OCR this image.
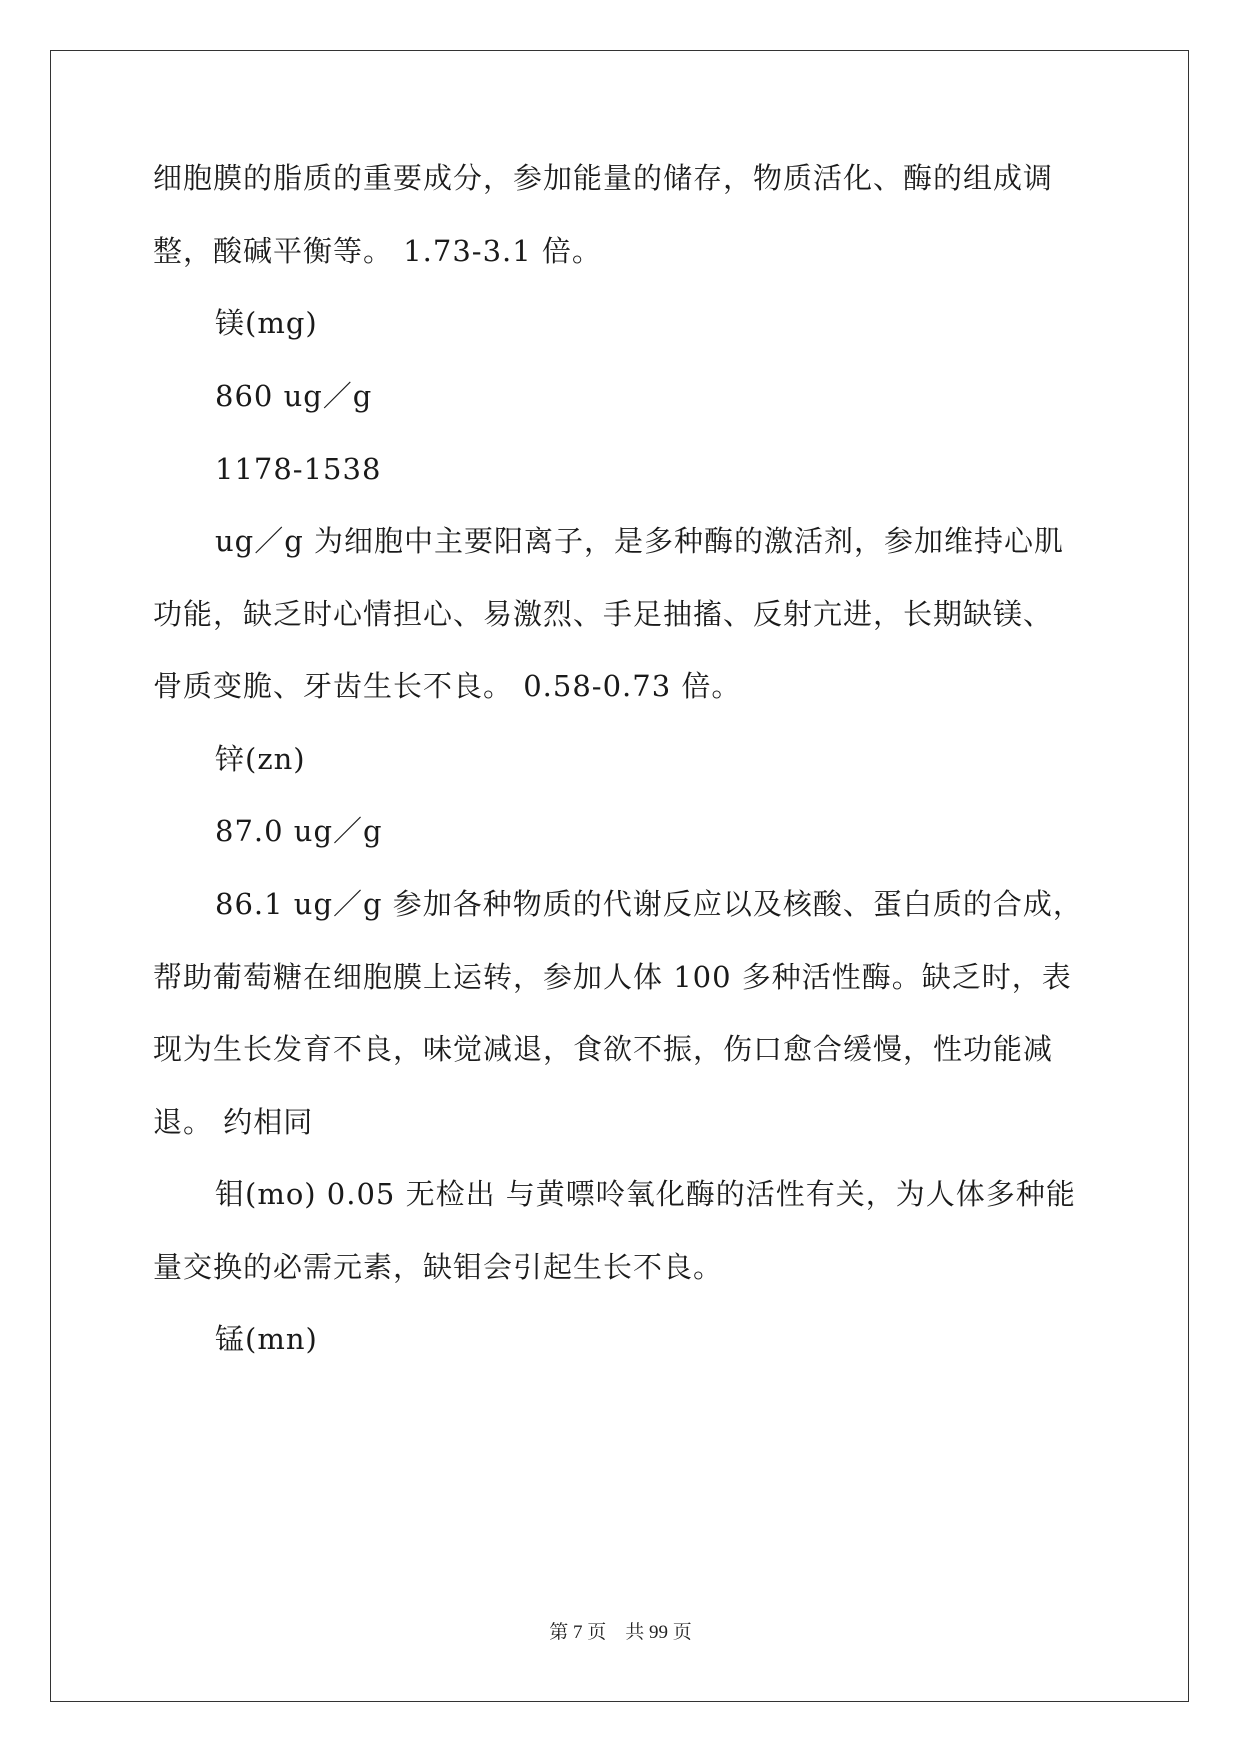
细胞膜的脂质的重要成分，参加能量的储存，物质活化、酶的组成调
整，酸碱平衡等。 1.73-3.1 倍。
镁(mg)
860 ug／g
1178-1538
ug／g 为细胞中主要阳离子，是多种酶的激活剂，参加维持心肌
功能，缺乏时心情担心、易激烈、手足抽搐、反射亢进，长期缺镁、
骨质变脆、牙齿生长不良。 0.58-0.73 倍。
锌(zn)
87.0 ug／g
86.1 ug／g 参加各种物质的代谢反应以及核酸、蛋白质的合成，
帮助葡萄糖在细胞膜上运转，参加人体 100 多种活性酶。缺乏时，表
现为生长发育不良，味觉减退，食欲不振，伤口愈合缓慢，性功能减
退。 约相同
钼(mo) 0.05 无检出 与黄嘌呤氧化酶的活性有关，为人体多种能
量交换的必需元素，缺钼会引起生长不良。
锰(mn)
第 7 页 共 99 页
